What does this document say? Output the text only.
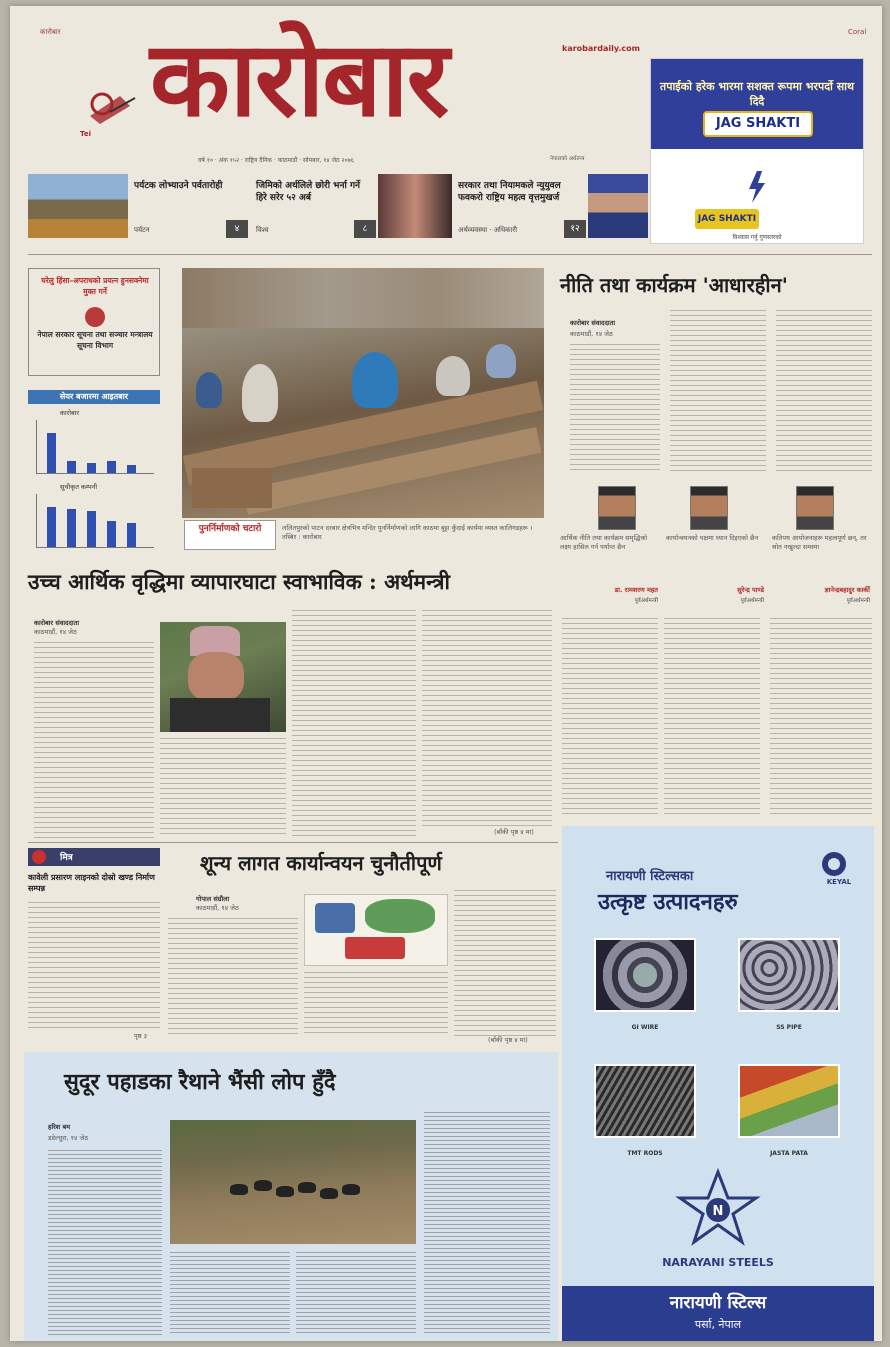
कारोबार	Coral
Tei कारोबार	karobardaily.com
वर्ष १० · अंक १५२ · राष्ट्रिय दैनिक · काठमाडौं · सोमबार, १४ जेठ २०७६	नेपालको अर्थतन्त्र
तपाईको हरेक भारमा सशक्त रूपमा भरपर्दो साथ दिदै
JAG SHAKTI
JAG SHAKTI
विश्वास गर्नु गुणस्तरको
पर्यटक लोभ्याउने पर्वतारोही
पर्यटन	४
जिमिको अर्थलिले छोरी भर्ना गर्ने हिरे सरेर ५२ अर्ब
विश्व	८
सरकार तथा नियामकले न्युयुवल फवकरो राष्ट्रिय महत्व वृत्तमुखर्ज
अर्थव्यवस्था · अधिकारी	१२
घरेलु हिंसा–अपराधको प्रयत्न हुनसक्नेमा मुक्त गर्ने
नेपाल सरकार सूचना तथा सञ्चार मन्त्रालय सूचना विभाग
सेयर बजारमा आइतबार
कारोबार
सूचीकृत कम्पनी
पुनर्निर्माणको चटारो	ललितपुरको पाटन दरबार क्षेत्रभित्र मन्दिर पुनर्निर्माणको लागि काठमा बुट्टा कुँदाई कार्यमा व्यस्त कालिगडहरू । तस्बिर : कारोबार
नीति तथा कार्यक्रम 'आधारहीन'
कारोबार संवाददाता
काठमाडौं, १४ जेठ
आर्थिक नीति तथा कार्यक्रम समृद्धिको लक्ष्य हासिल गर्न पर्याप्त छैन
डा. रामशरण महत
पूर्वअर्थमन्त्री
कार्यान्वयनको पक्षमा ध्यान दिइएको छैन
सुरेन्द्र पाण्डे
पूर्वअर्थमन्त्री
कतिपय आयोजनाहरू महत्वपूर्ण छन्, तर स्रोत नखुल्दा समस्या
ज्ञानेन्द्रबहादुर कार्की
पूर्वअर्थमन्त्री
उच्च आर्थिक वृद्धिमा व्यापारघाटा स्वाभाविक : अर्थमन्त्री
कारोबार संवाददाता
काठमाडौं, १४ जेठ
(बाँकी पृष्ठ ४ मा)
मित्र
कावेली प्रसारण लाइनको दोस्रो खण्ड निर्माण सम्पन्न
पृष्ठ ३
शून्य लागत कार्यान्वयन चुनौतीपूर्ण
गोपाल संग्रौला
काठमाडौं, १४ जेठ
(बाँकी पृष्ठ ४ मा)
नारायणी स्टिल्सका
उत्कृष्ट उत्पादनहरु
KEYAL
GI WIRE	SS PIPE
TMT RODS	JASTA PATA
N
NARAYANI STEELS
नारायणी स्टिल्स
पर्सा, नेपाल
सुदूर पहाडका रैथाने भैंसी लोप हुँदै
हरिश बम
डडेल्धुरा, १४ जेठ
